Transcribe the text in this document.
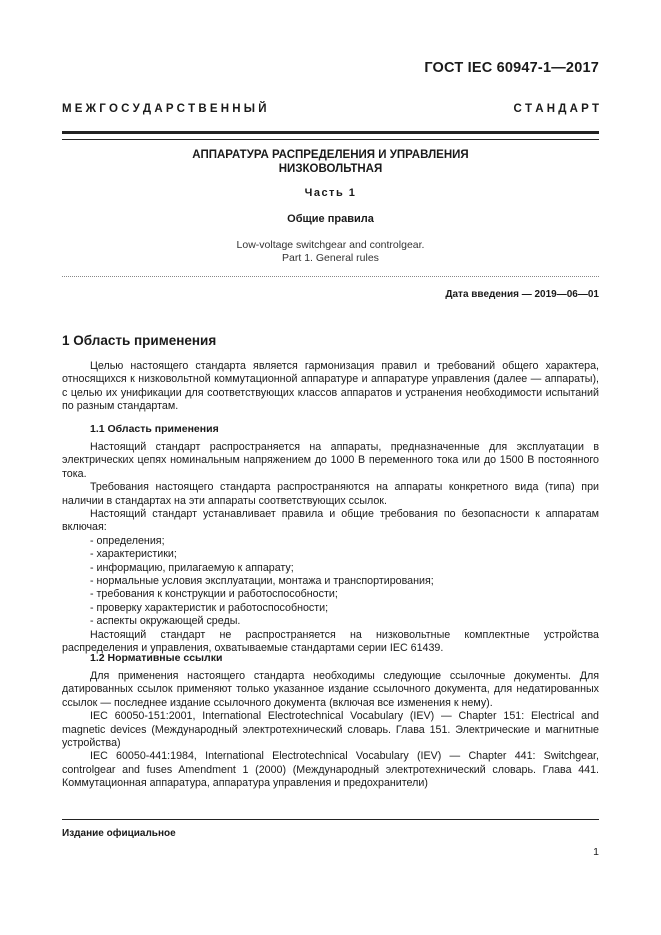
ГОСТ IEC 60947-1—2017
М Е Ж Г О С У Д А Р С Т В Е Н Н Ы Й	С Т А Н Д А Р Т
АППАРАТУРА РАСПРЕДЕЛЕНИЯ И УПРАВЛЕНИЯ
НИЗКОВОЛЬТНАЯ
Часть 1
Общие правила
Low-voltage switchgear and controlgear.
Part 1. General rules
Дата введения — 2019—06—01
1 Область применения

Целью настоящего стандарта является гармонизация правил и требований общего характера, относящихся к низковольтной коммутационной аппаратуре и аппаратуре управления (далее — аппараты), с целью их унификации для соответствующих классов аппаратов и устранения необходимости испытаний по разным стандартам.

1.1 Область применения

Настоящий стандарт распространяется на аппараты, предназначенные для эксплуатации в электрических цепях номинальным напряжением до 1000 В переменного тока или до 1500 В постоянного тока.

Требования настоящего стандарта распространяются на аппараты конкретного вида (типа) при наличии в стандартах на эти аппараты соответствующих ссылок.

Настоящий стандарт устанавливает правила и общие требования по безопасности к аппаратам включая:

- определения;
- характеристики;
- информацию, прилагаемую к аппарату;
- нормальные условия эксплуатации, монтажа и транспортирования;
- требования к конструкции и работоспособности;
- проверку характеристик и работоспособности;
- аспекты окружающей среды.

Настоящий стандарт не распространяется на низковольтные комплектные устройства распределения и управления, охватываемые стандартами серии IEC 61439.

1.2 Нормативные ссылки

Для применения настоящего стандарта необходимы следующие ссылочные документы. Для датированных ссылок применяют только указанное издание ссылочного документа, для недатированных ссылок — последнее издание ссылочного документа (включая все изменения к нему).

IEC 60050-151:2001, International Electrotechnical Vocabulary (IEV) — Chapter 151: Electrical and magnetic devices (Международный электротехнический словарь. Глава 151. Электрические и магнитные устройства)

IEC 60050-441:1984, International Electrotechnical Vocabulary (IEV) — Chapter 441: Switchgear, controlgear and fuses Amendment 1 (2000) (Международный электротехнический словарь. Глава 441. Коммутационная аппаратура, аппаратура управления и предохранители)

Издание официальное
1
